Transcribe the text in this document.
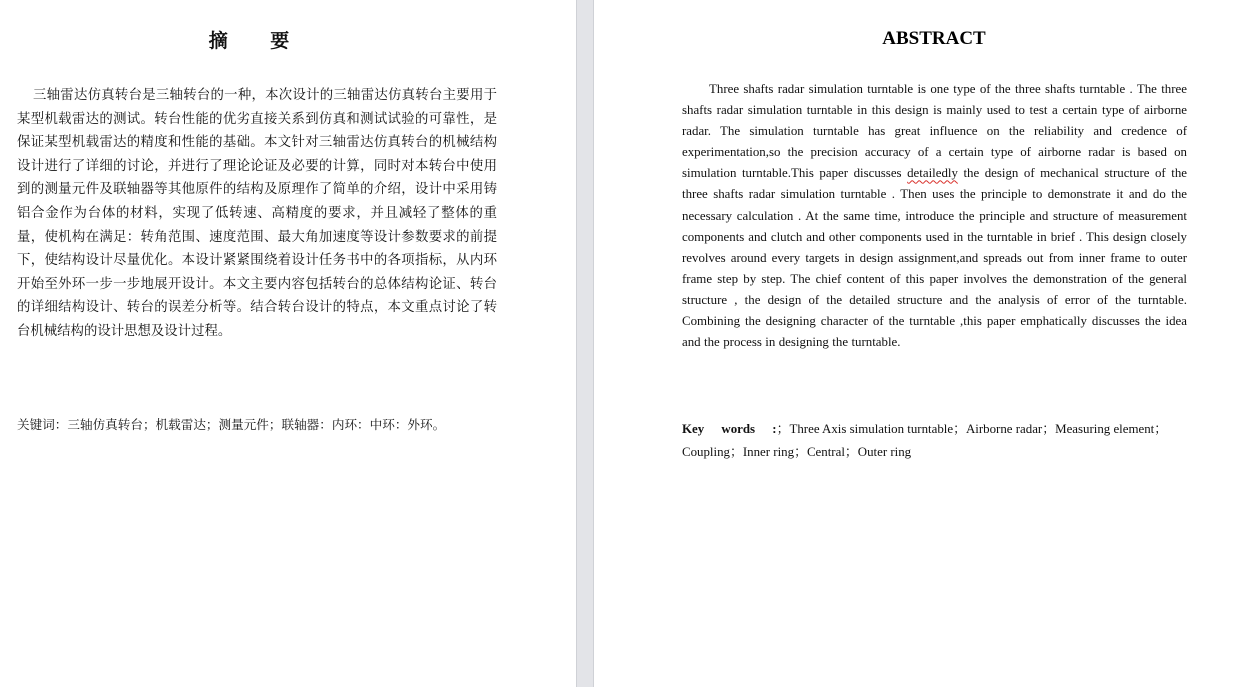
摘 要

三轴雷达仿真转台是三轴转台的一种，本次设计的三轴雷达仿真转台主要用于某型机载雷达的测试。转台性能的优劣直接关系到仿真和测试试验的可靠性，是保证某型机载雷达的精度和性能的基础。本文针对三轴雷达仿真转台的机械结构设计进行了详细的讨论，并进行了理论论证及必要的计算，同时对本转台中使用到的测量元件及联轴器等其他原件的结构及原理作了简单的介绍，设计中采用铸铝合金作为台体的材料，实现了低转速、高精度的要求，并且减轻了整体的重量，使机构在满足：转角范围、速度范围、最大角加速度等设计参数要求的前提下，使结构设计尽量优化。本设计紧紧围绕着设计任务书中的各项指标，从内环开始至外环一步一步地展开设计。本文主要内容包括转台的总体结构论证、转台的详细结构设计、转台的误差分析等。结合转台设计的特点，本文重点讨论了转台机械结构的设计思想及设计过程。

关键词：三轴仿真转台；机载雷达；测量元件；联轴器：内环：中环：外环。

ABSTRACT

Three shafts radar simulation turntable is one type of the three shafts turntable . The three shafts radar simulation turntable in this design is mainly used to test a certain type of airborne radar. The simulation turntable has great influence on the reliability and credence of experimentation,so the precision accuracy of a certain type of airborne radar is based on simulation turntable.This paper discusses detailedly the design of mechanical structure of the three shafts radar simulation turntable . Then uses the principle to demonstrate it and do the necessary calculation . At the same time, introduce the principle and structure of measurement components and clutch and other components used in the turntable in brief . This design closely revolves around every targets in design assignment,and spreads out from inner frame to outer frame step by step. The chief content of this paper involves the demonstration of the general structure , the design of the detailed structure and the analysis of error of the turntable. Combining the designing character of the turntable ,this paper emphatically discusses the idea and the process in designing the turntable.

Key words :；Three Axis simulation turntable；Airborne radar；Measuring element；Coupling；Inner ring；Central；Outer ring
